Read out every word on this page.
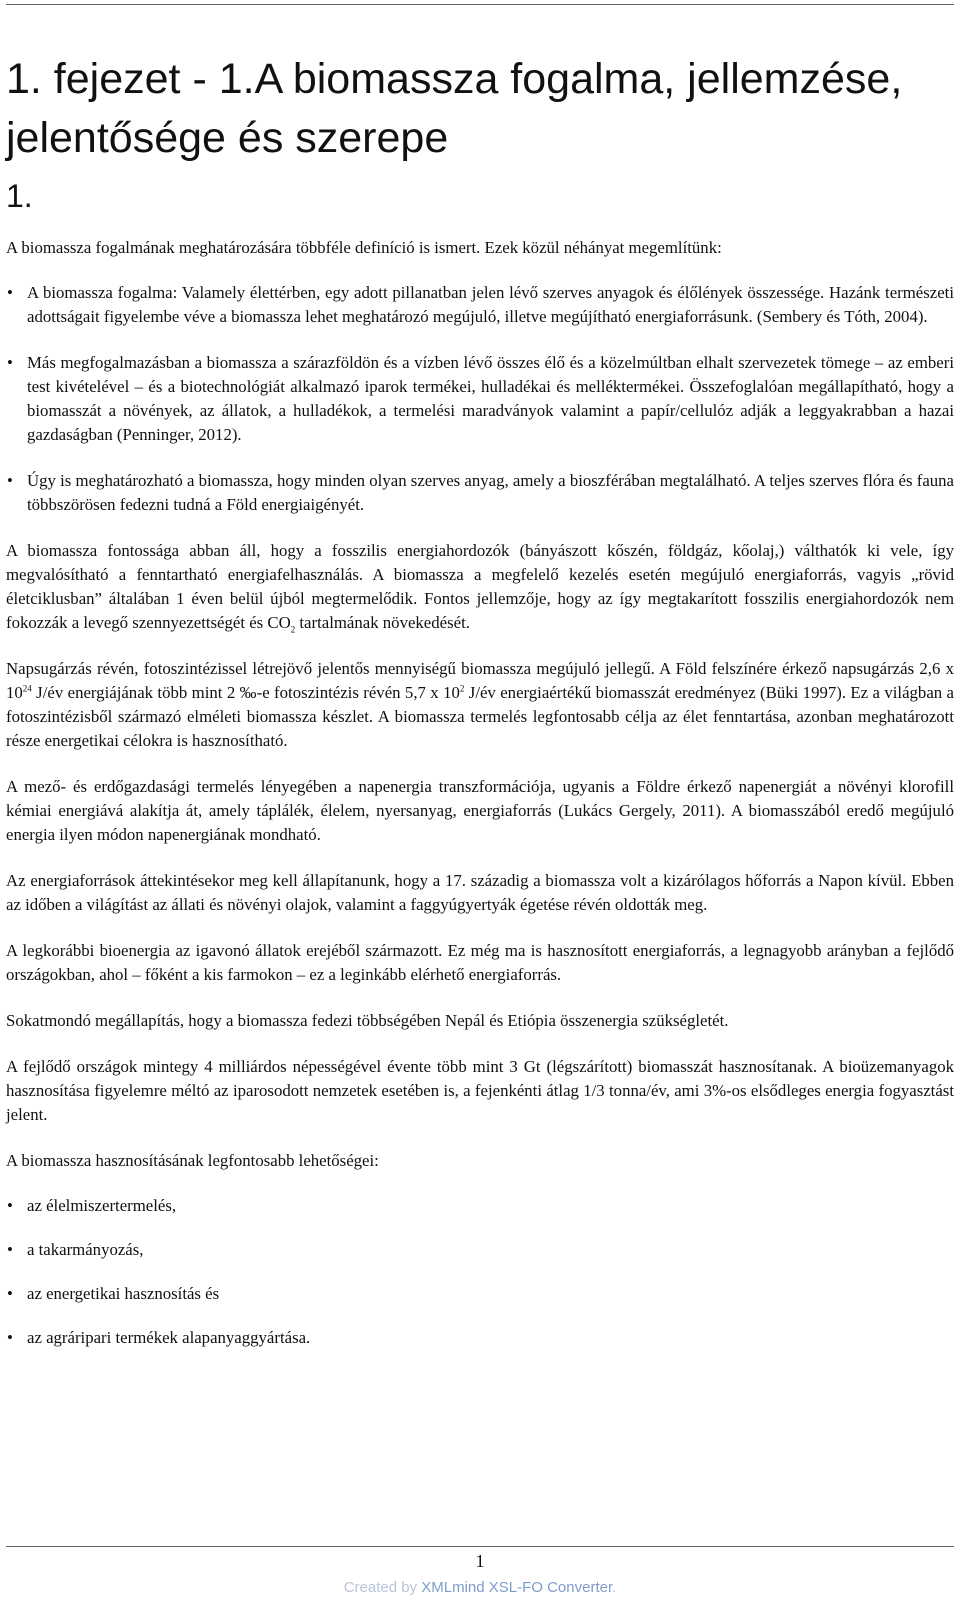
1. fejezet - 1.A biomassza fogalma, jellemzése, jelentősége és szerepe
1.

A biomassza fogalmának meghatározására többféle definíció is ismert. Ezek közül néhányat megemlítünk:

• A biomassza fogalma: Valamely élettérben, egy adott pillanatban jelen lévő szerves anyagok és élőlények összessége. Hazánk természeti adottságait figyelembe véve a biomassza lehet meghatározó megújuló, illetve megújítható energiaforrásunk. (Sembery és Tóth, 2004).
• Más megfogalmazásban a biomassza a szárazföldön és a vízben lévő összes élő és a közelmúltban elhalt szervezetek tömege – az emberi test kivételével – és a biotechnológiát alkalmazó iparok termékei, hulladékai és melléktermékei. Összefoglalóan megállapítható, hogy a biomasszát a növények, az állatok, a hulladékok, a termelési maradványok valamint a papír/cellulóz adják a leggyakrabban a hazai gazdaságban (Penninger, 2012).
• Úgy is meghatározható a biomassza, hogy minden olyan szerves anyag, amely a bioszférában megtalálható. A teljes szerves flóra és fauna többszörösen fedezni tudná a Föld energiaigényét.

A biomassza fontossága abban áll, hogy a fosszilis energiahordozók (bányászott kőszén, földgáz, kőolaj,) válthatók ki vele, így megvalósítható a fenntartható energiafelhasználás. A biomassza a megfelelő kezelés esetén megújuló energiaforrás, vagyis „rövid életciklusban” általában 1 éven belül újból megtermelődik. Fontos jellemzője, hogy az így megtakarított fosszilis energiahordozók nem fokozzák a levegő szennyezettségét és $CO_2$ tartalmának növekedését.

Napsugárzás révén, fotoszintézissel létrejövő jelentős mennyiségű biomassza megújuló jellegű. A Föld felszínére érkező napsugárzás 2,6 x $10^{24}$ J/év energiájának több mint 2 ‰-e fotoszintézis révén 5,7 x $10^2$ J/év energiaértékű biomasszát eredményez (Büki 1997). Ez a világban a fotoszintézisből származó elméleti biomassza készlet. A biomassza termelés legfontosabb célja az élet fenntartása, azonban meghatározott része energetikai célokra is hasznosítható.

A mező- és erdőgazdasági termelés lényegében a napenergia transzformációja, ugyanis a Földre érkező napenergiát a növényi klorofill kémiai energiává alakítja át, amely táplálék, élelem, nyersanyag, energiaforrás (Lukács Gergely, 2011). A biomasszából eredő megújuló energia ilyen módon napenergiának mondható.

Az energiaforrások áttekintésekor meg kell állapítanunk, hogy a 17. századig a biomassza volt a kizárólagos hőforrás a Napon kívül. Ebben az időben a világítást az állati és növényi olajok, valamint a faggyúgyertyák égetése révén oldották meg.

A legkorábbi bioenergia az igavonó állatok erejéből származott. Ez még ma is hasznosított energiaforrás, a legnagyobb arányban a fejlődő országokban, ahol – főként a kis farmokon – ez a leginkább elérhető energiaforrás.

Sokatmondó megállapítás, hogy a biomassza fedezi többségében Nepál és Etiópia összenergia szükségletét.

A fejlődő országok mintegy 4 milliárdos népességével évente több mint 3 Gt (légszárított) biomasszát hasznosítanak. A bioüzemanyagok hasznosítása figyelemre méltó az iparosodott nemzetek esetében is, a fejenkénti átlag 1/3 tonna/év, ami 3%-os elsődleges energia fogyasztást jelent.

A biomassza hasznosításának legfontosabb lehetőségei:

• az élelmiszertermelés,
• a takarmányozás,
• az energetikai hasznosítás és
• az agráripari termékek alapanyaggyártása.
1
Created by XMLmind XSL-FO Converter.
